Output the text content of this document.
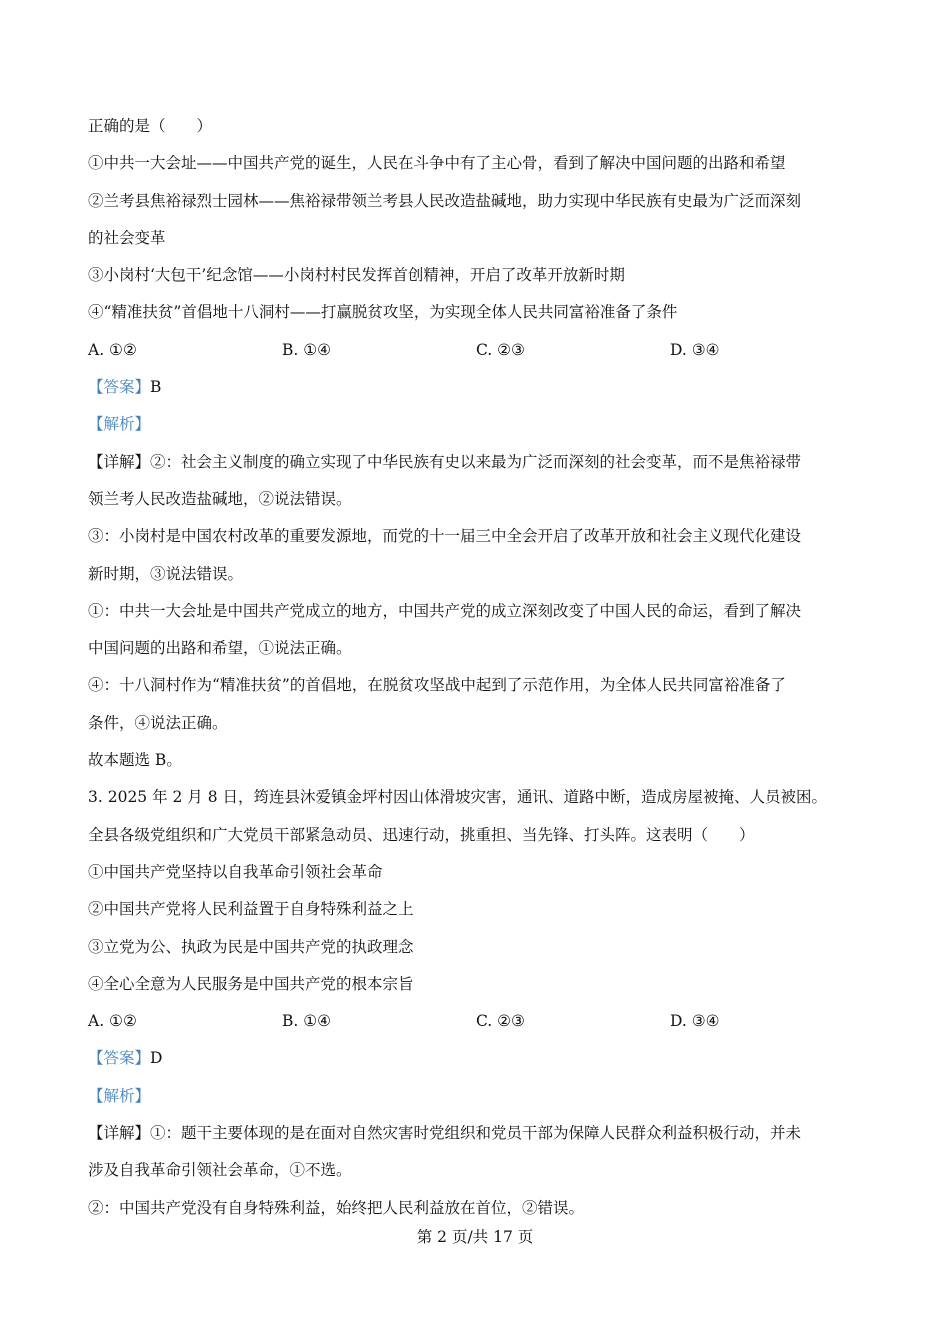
正确的是（　　）
①中共一大会址——中国共产党的诞生，人民在斗争中有了主心骨，看到了解决中国问题的出路和希望
②兰考县焦裕禄烈士园林——焦裕禄带领兰考县人民改造盐碱地，助力实现中华民族有史最为广泛而深刻
的社会变革
③小岗村‘大包干’纪念馆——小岗村村民发挥首创精神，开启了改革开放新时期
④“精准扶贫”首倡地十八洞村——打赢脱贫攻坚，为实现全体人民共同富裕准备了条件
A. ①②	B. ①④	C. ②③	D. ③④
【答案】B
【解析】
【详解】②：社会主义制度的确立实现了中华民族有史以来最为广泛而深刻的社会变革，而不是焦裕禄带
领兰考人民改造盐碱地，②说法错误。
③：小岗村是中国农村改革的重要发源地，而党的十一届三中全会开启了改革开放和社会主义现代化建设
新时期，③说法错误。
①：中共一大会址是中国共产党成立的地方，中国共产党的成立深刻改变了中国人民的命运，看到了解决
中国问题的出路和希望，①说法正确。
④：十八洞村作为“精准扶贫”的首倡地，在脱贫攻坚战中起到了示范作用，为全体人民共同富裕准备了
条件，④说法正确。
故本题选 B。
3. 2025 年 2 月 8 日，筠连县沐爱镇金坪村因山体滑坡灾害，通讯、道路中断，造成房屋被掩、人员被困。
全县各级党组织和广大党员干部紧急动员、迅速行动，挑重担、当先锋、打头阵。这表明（　　）
①中国共产党坚持以自我革命引领社会革命
②中国共产党将人民利益置于自身特殊利益之上
③立党为公、执政为民是中国共产党的执政理念
④全心全意为人民服务是中国共产党的根本宗旨
A. ①②	B. ①④	C. ②③	D. ③④
【答案】D
【解析】
【详解】①：题干主要体现的是在面对自然灾害时党组织和党员干部为保障人民群众利益积极行动，并未
涉及自我革命引领社会革命，①不选。
②：中国共产党没有自身特殊利益，始终把人民利益放在首位，②错误。
第 2 页/共 17 页
